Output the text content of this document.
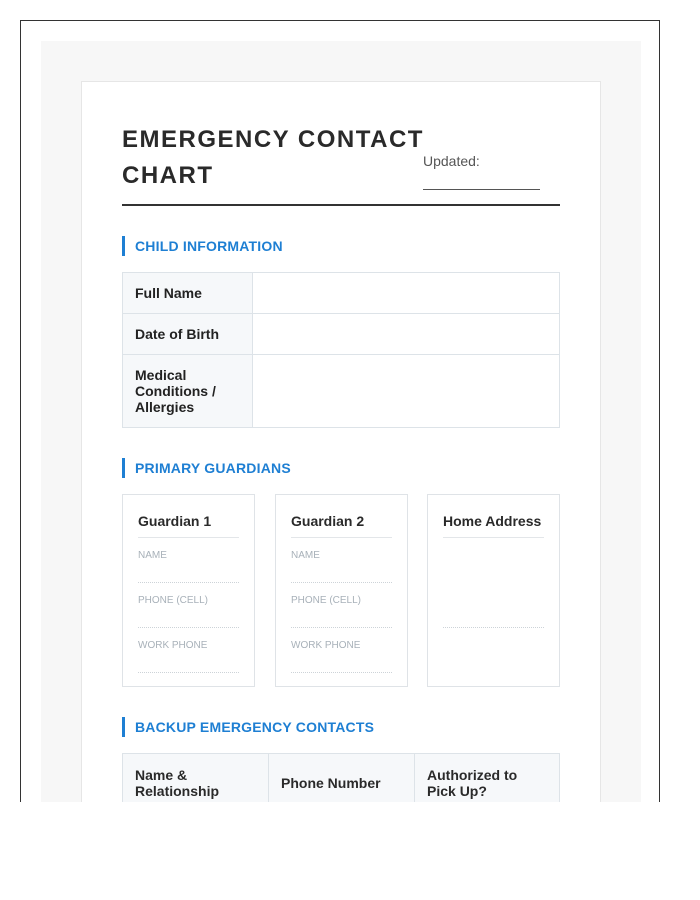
EMERGENCY CONTACT CHART
Updated:
CHILD INFORMATION
Full Name	
Date of Birth	
Medical Conditions / Allergies	
PRIMARY GUARDIANS
Guardian 1
NAME
PHONE (CELL)
WORK PHONE
Guardian 2
NAME
PHONE (CELL)
WORK PHONE
Home Address
BACKUP EMERGENCY CONTACTS
Name & Relationship	Phone Number	Authorized to Pick Up?
